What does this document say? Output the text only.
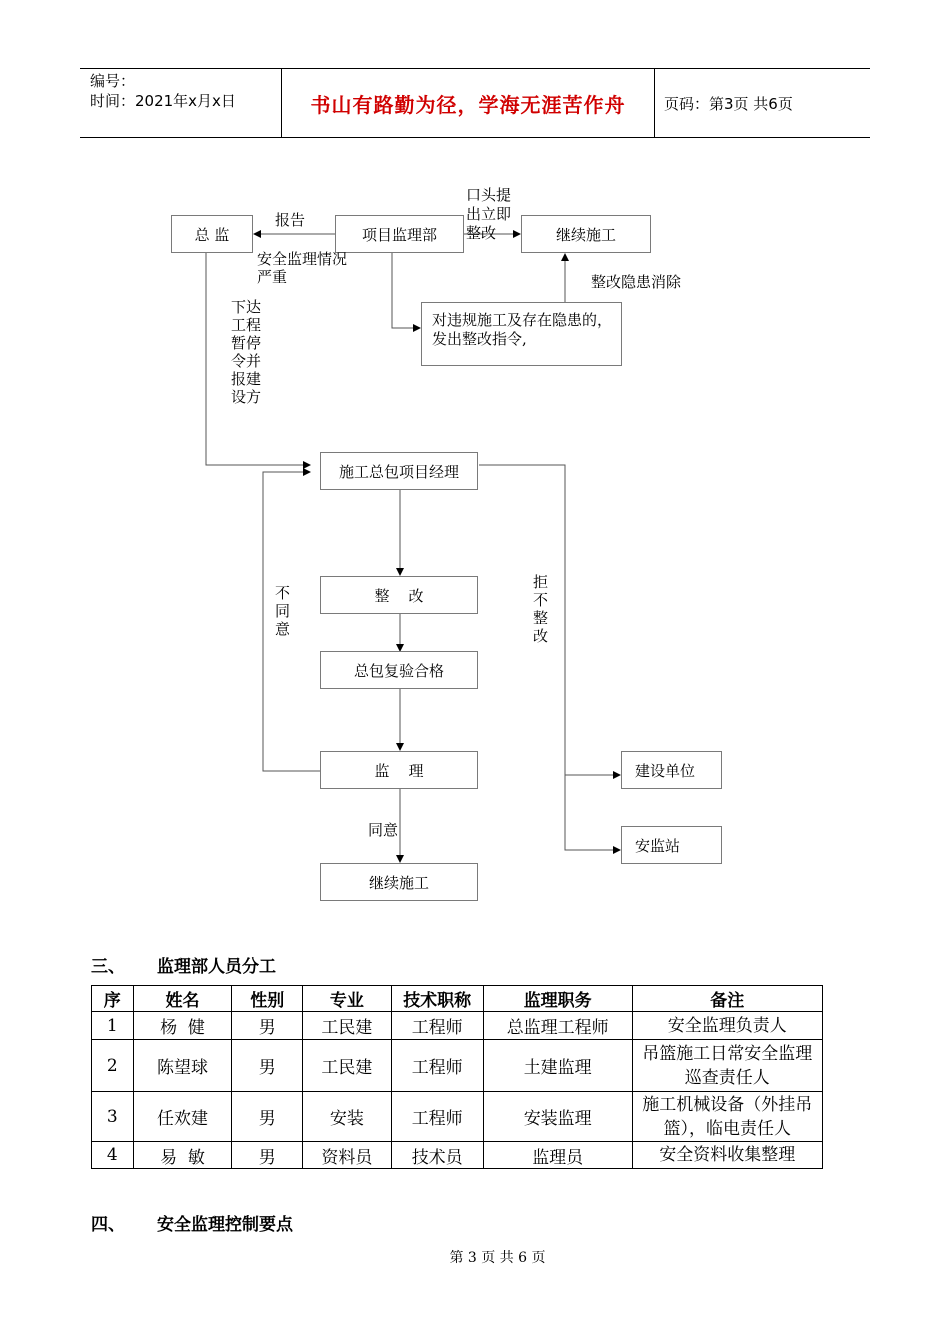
编号：
时间：2021年x月x日	书山有路勤为径，学海无涯苦作舟	页码：第3页 共6页
总 监	项目监理部	继续施工
对违规施工及存在隐患的，发出整改指令,
施工总包项目经理
整    改
总包复验合格
监    理
继续施工
建设单位
安监站
报告
安全监理情况严重
口头提出立即整改
整改隐患消除
下达工程暂停令并报建设方
不同意
拒不整改
同意
三、 监理部人员分工
序	姓名	性别	专业	技术职称	监理职务	备注
1	杨  健	男	工民建	工程师	总监理工程师	安全监理负责人
2	陈望球	男	工民建	工程师	土建监理	吊篮施工日常安全监理巡查责任人
3	任欢建	男	安装	工程师	安装监理	施工机械设备（外挂吊篮），临电责任人
4	易  敏	男	资料员	技术员	监理员	安全资料收集整理
四、 安全监理控制要点
第 3 页 共 6 页
